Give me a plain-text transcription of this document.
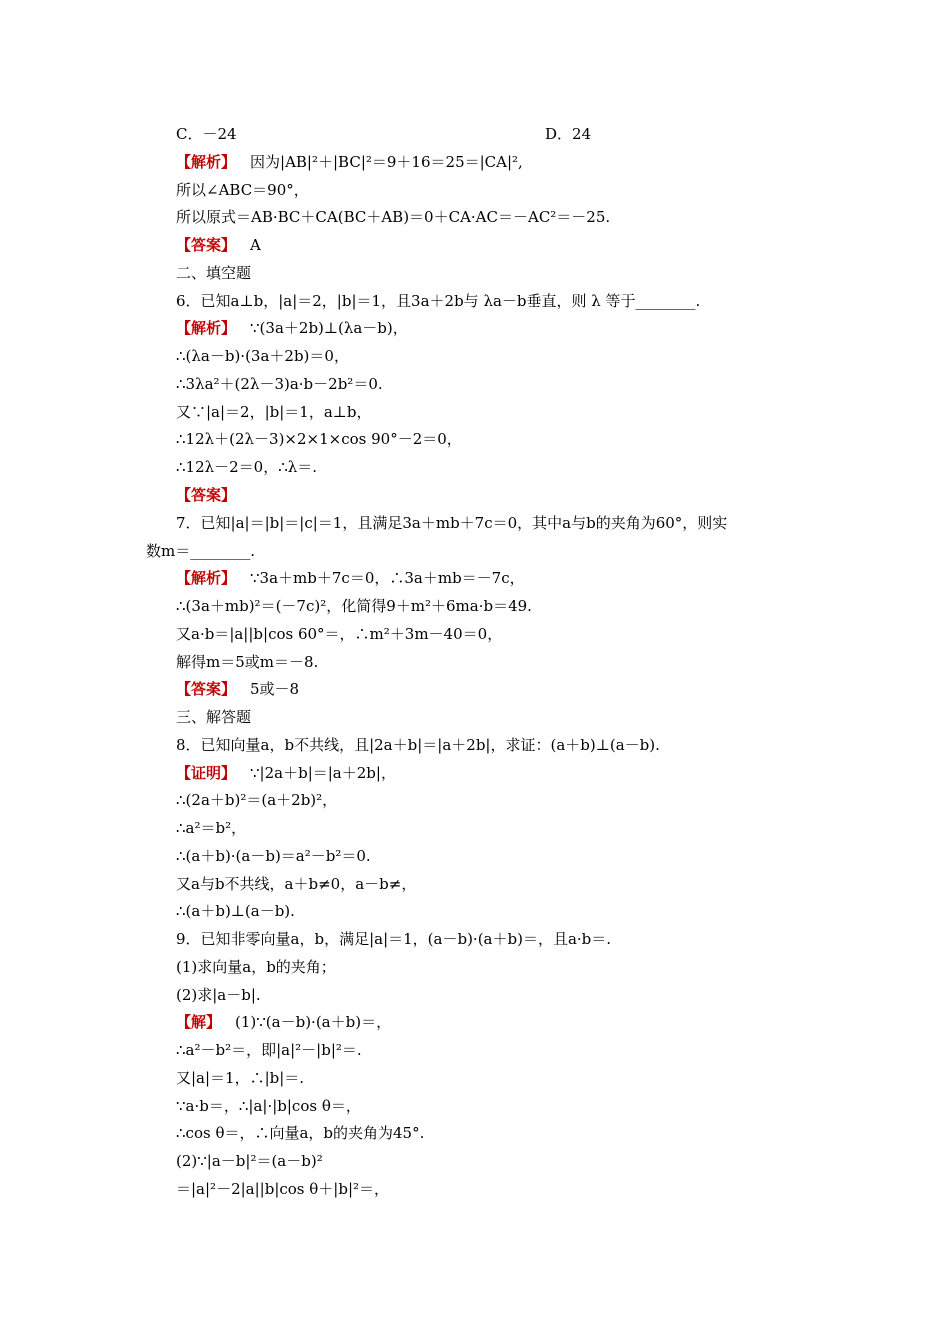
C．－24	D．24
【解析】 因为|AB|²＋|BC|²＝9＋16＝25＝|CA|²,
所以∠ABC＝90°，
所以原式＝AB·BC＋CA(BC＋AB)＝0＋CA·AC＝－AC²＝－25.
【答案】 A
二、填空题
6．已知a⊥b，|a|＝2，|b|＝1，且3a＋2b与 λa－b垂直，则 λ 等于________.
【解析】 ∵(3a＋2b)⊥(λa－b)，
∴(λa－b)·(3a＋2b)＝0，
∴3λa²＋(2λ－3)a·b－2b²＝0.
又∵|a|＝2，|b|＝1，a⊥b，
∴12λ＋(2λ－3)×2×1×cos 90°－2＝0，
∴12λ－2＝0，∴λ＝.
【答案】
7．已知|a|＝|b|＝|c|＝1，且满足3a＋mb＋7c＝0，其中a与b的夹角为60°，则实
数m＝________.
【解析】 ∵3a＋mb＋7c＝0，∴3a＋mb＝－7c，
∴(3a＋mb)²＝(－7c)²，化简得9＋m²＋6ma·b＝49.
又a·b＝|a||b|cos 60°＝，∴m²＋3m－40＝0，
解得m＝5或m＝－8.
【答案】 5或－8
三、解答题
8．已知向量a，b不共线，且|2a＋b|＝|a＋2b|，求证：(a＋b)⊥(a－b).
【证明】 ∵|2a＋b|＝|a＋2b|，
∴(2a＋b)²＝(a＋2b)²，
∴a²＝b²，
∴(a＋b)·(a－b)＝a²－b²＝0.
又a与b不共线，a＋b≠0，a－b≠，
∴(a＋b)⊥(a－b).
9．已知非零向量a，b，满足|a|＝1，(a－b)·(a＋b)＝，且a·b＝.
(1)求向量a，b的夹角；
(2)求|a－b|.
【解】 (1)∵(a－b)·(a＋b)＝，
∴a²－b²＝，即|a|²－|b|²＝.
又|a|＝1，∴|b|＝.
∵a·b＝，∴|a|·|b|cos θ＝，
∴cos θ＝，∴向量a，b的夹角为45°.
(2)∵|a－b|²＝(a－b)²
＝|a|²－2|a||b|cos θ＋|b|²＝，
